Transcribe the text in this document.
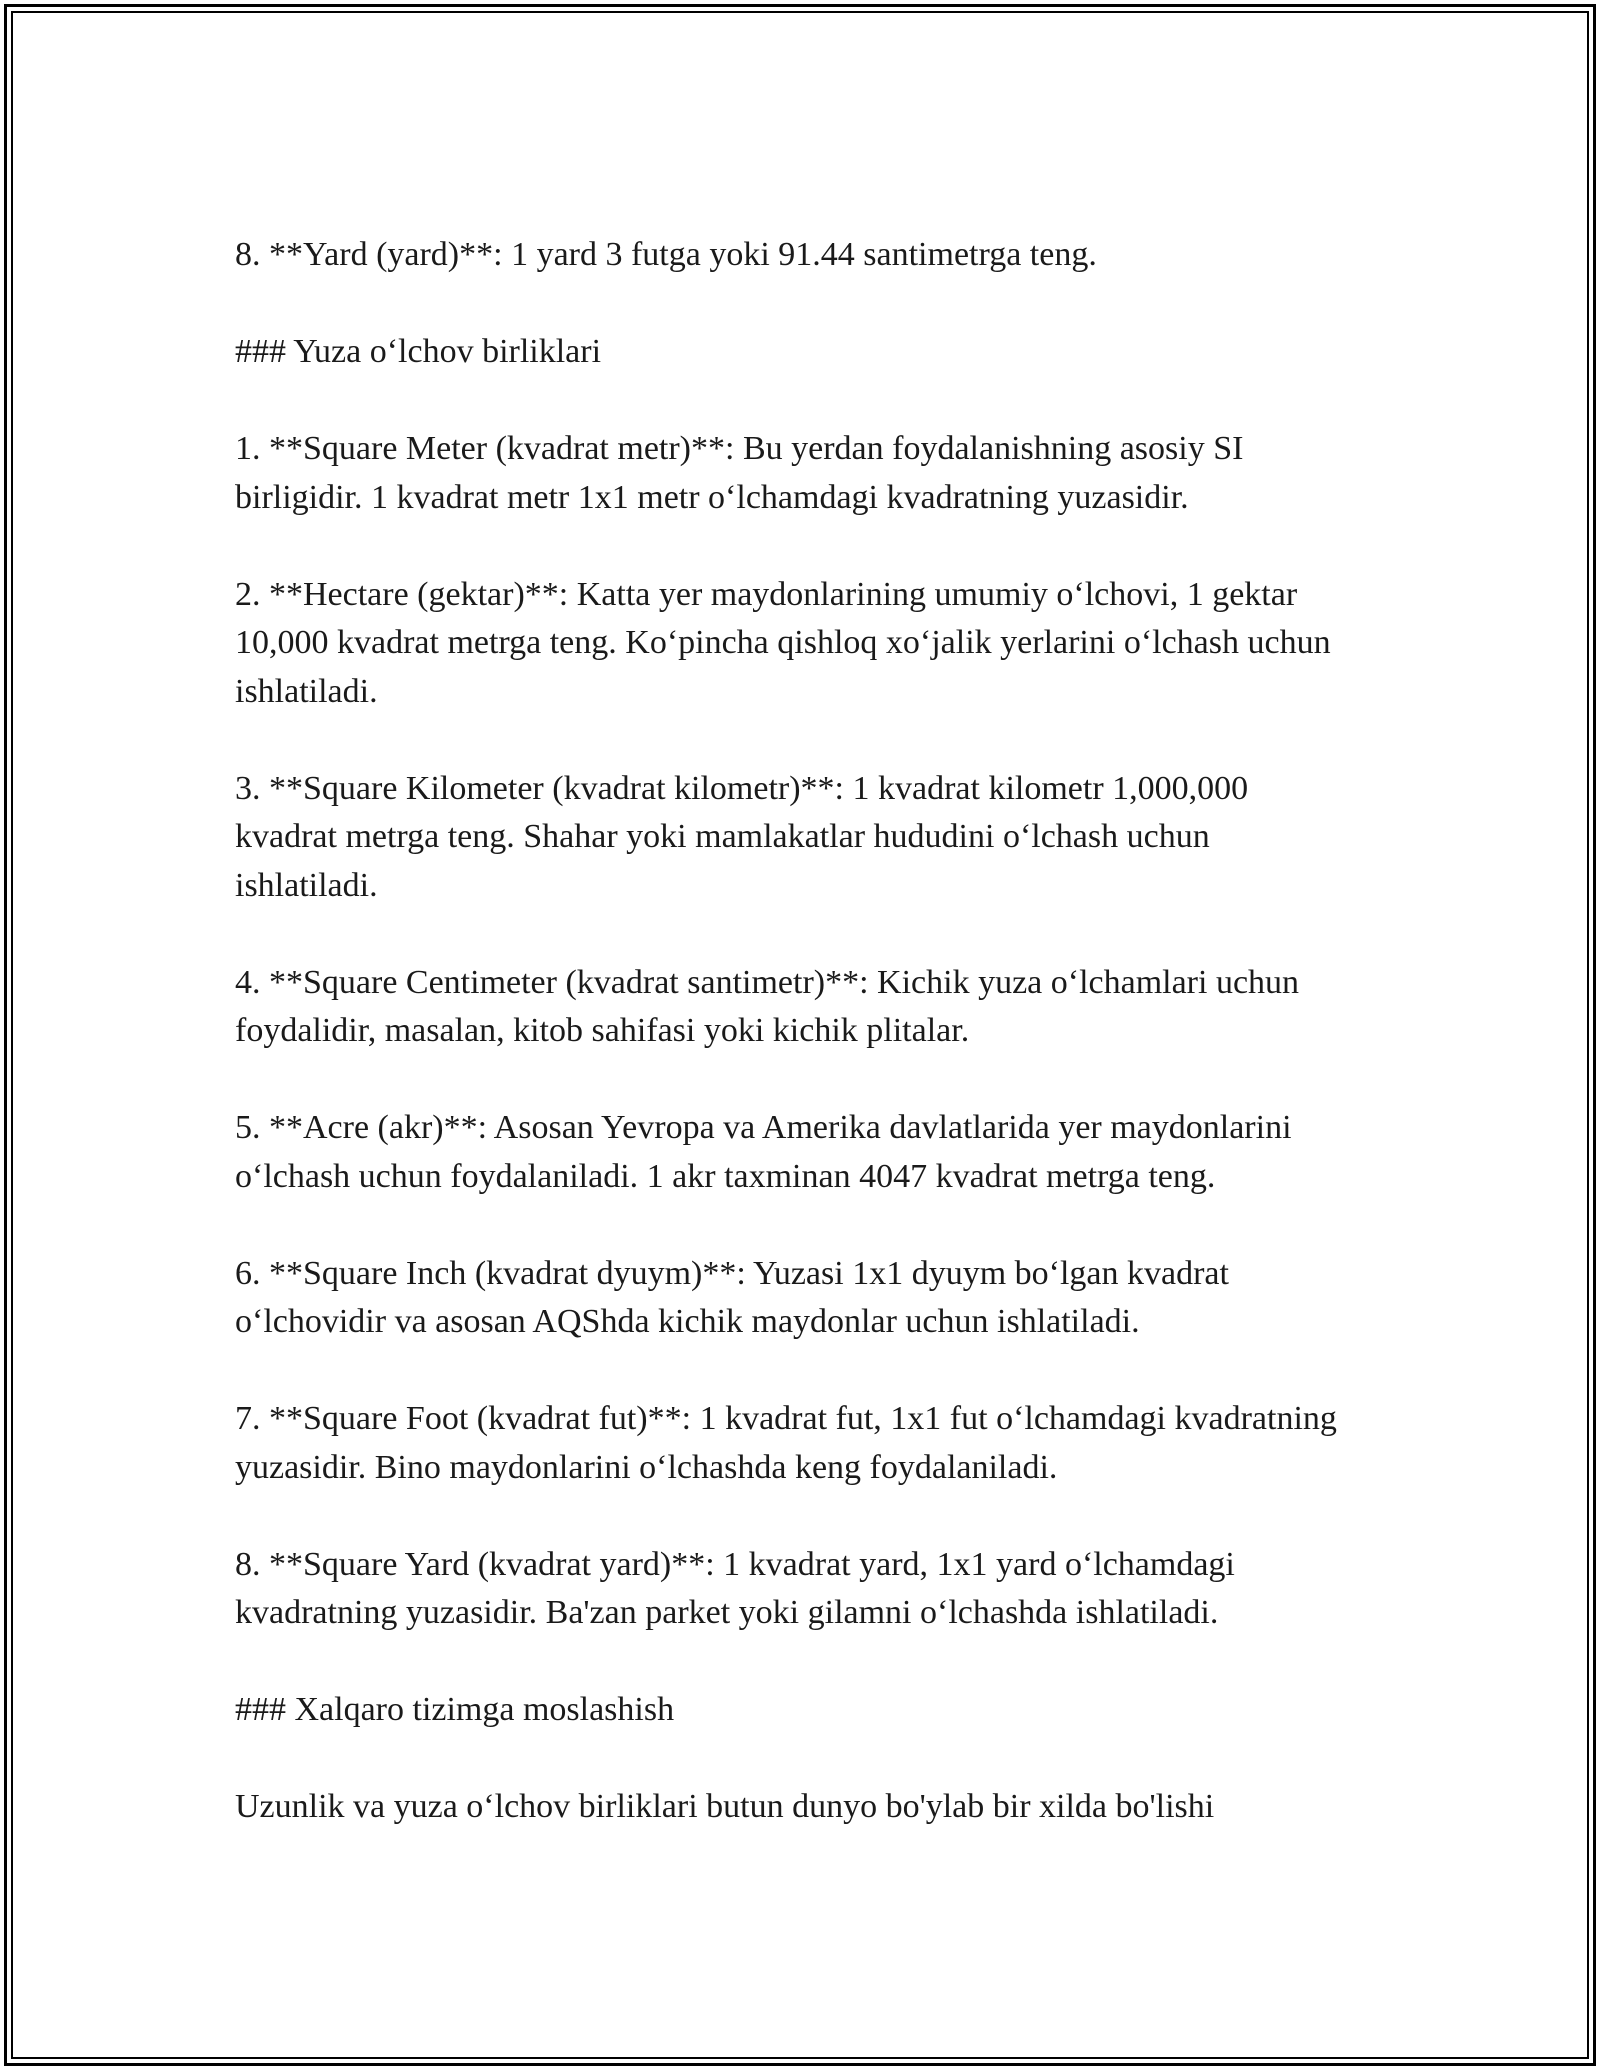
8. **Yard (yard)**: 1 yard 3 futga yoki 91.44 santimetrga teng.

### Yuza o‘lchov birliklari

1. **Square Meter (kvadrat metr)**: Bu yerdan foydalanishning asosiy SI birligidir. 1 kvadrat metr 1x1 metr o‘lchamdagi kvadratning yuzasidir.

2. **Hectare (gektar)**: Katta yer maydonlarining umumiy o‘lchovi, 1 gektar 10,000 kvadrat metrga teng. Ko‘pincha qishloq xo‘jalik yerlarini o‘lchash uchun ishlatiladi.

3. **Square Kilometer (kvadrat kilometr)**: 1 kvadrat kilometr 1,000,000 kvadrat metrga teng. Shahar yoki mamlakatlar hududini o‘lchash uchun ishlatiladi.

4. **Square Centimeter (kvadrat santimetr)**: Kichik yuza o‘lchamlari uchun foydalidir, masalan, kitob sahifasi yoki kichik plitalar.

5. **Acre (akr)**: Asosan Yevropa va Amerika davlatlarida yer maydonlarini o‘lchash uchun foydalaniladi. 1 akr taxminan 4047 kvadrat metrga teng.

6. **Square Inch (kvadrat dyuym)**: Yuzasi 1x1 dyuym bo‘lgan kvadrat o‘lchovidir va asosan AQShda kichik maydonlar uchun ishlatiladi.

7. **Square Foot (kvadrat fut)**: 1 kvadrat fut, 1x1 fut o‘lchamdagi kvadratning yuzasidir. Bino maydonlarini o‘lchashda keng foydalaniladi.

8. **Square Yard (kvadrat yard)**: 1 kvadrat yard, 1x1 yard o‘lchamdagi kvadratning yuzasidir. Ba'zan parket yoki gilamni o‘lchashda ishlatiladi.

### Xalqaro tizimga moslashish

Uzunlik va yuza o‘lchov birliklari butun dunyo bo'ylab bir xilda bo'lishi
